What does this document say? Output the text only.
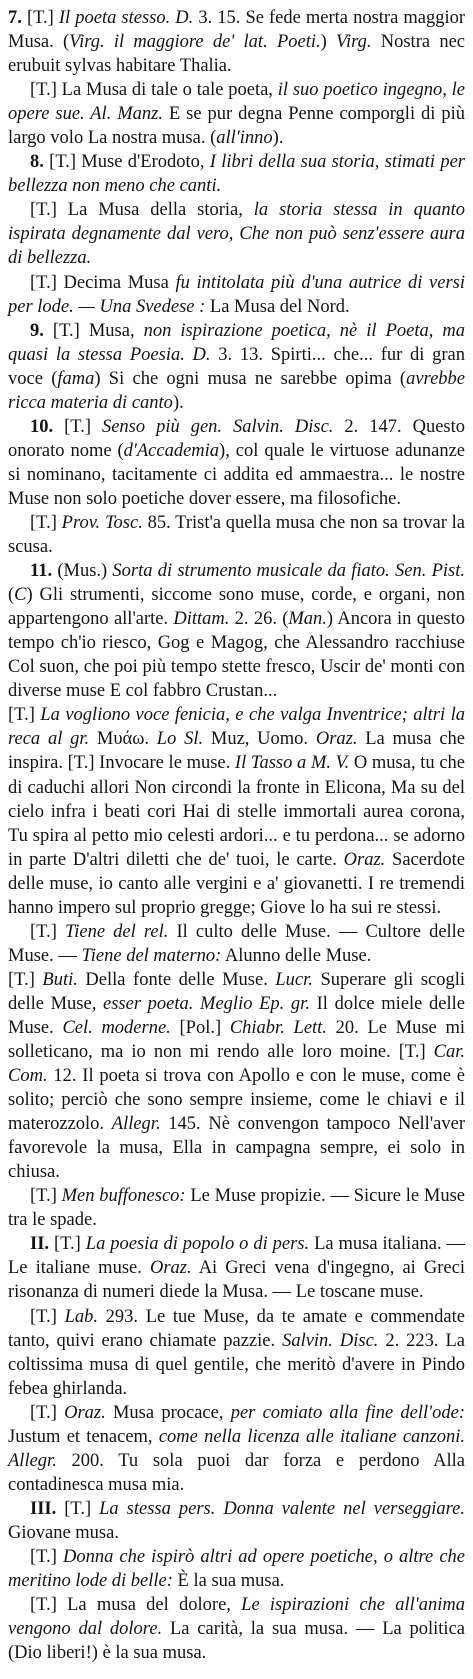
7. [T.] Il poeta stesso. D. 3. 15. Se fede merta nostra maggior Musa. (Virg. il maggiore de' lat. Poeti.) Virg. Nostra nec erubuit sylvas habitare Thalia.

[T.] La Musa di tale o tale poeta, il suo poetico ingegno, le opere sue. Al. Manz. E se pur degna Penne comporgli di più largo volo La nostra musa. (all'inno).

8. [T.] Muse d'Erodoto, I libri della sua storia, stimati per bellezza non meno che canti.

[T.] La Musa della storia, la storia stessa in quanto ispirata degnamente dal vero, Che non può senz'essere aura di bellezza.

[T.] Decima Musa fu intitolata più d'una autrice di versi per lode. — Una Svedese : La Musa del Nord.

9. [T.] Musa, non ispirazione poetica, nè il Poeta, ma quasi la stessa Poesia. D. 3. 13. Spirti... che... fur di gran voce (fama) Si che ogni musa ne sarebbe opima (avrebbe ricca materia di canto).

10. [T.] Senso più gen. Salvin. Disc. 2. 147. Questo onorato nome (d'Accademia), col quale le virtuose adunanze si nominano, tacitamente ci addita ed ammaestra... le nostre Muse non solo poetiche dover essere, ma filosofiche.

[T.] Prov. Tosc. 85. Trist'a quella musa che non sa trovar la scusa.

11. (Mus.) Sorta di strumento musicale da fiato. Sen. Pist. (C) Gli strumenti, siccome sono muse, corde, e organi, non appartengono all'arte. Dittam. 2. 26. (Man.) Ancora in questo tempo ch'io riesco, Gog e Magog, che Alessandro racchiuse Col suon, che poi più tempo stette fresco, Uscir de' monti con diverse muse E col fabbro Crustan...

[T.] La vogliono voce fenicia, e che valga Inventrice; altri la reca al gr. Μυάω. Lo Sl. Muz, Uomo. Oraz. La musa che inspira. [T.] Invocare le muse. Il Tasso a M. V. O musa, tu che di caduchi allori Non circondi la fronte in Elicona, Ma su del cielo infra i beati cori Hai di stelle immortali aurea corona, Tu spira al petto mio celesti ardori... e tu perdona... se adorno in parte D'altri diletti che de' tuoi, le carte. Oraz. Sacerdote delle muse, io canto alle vergini e a' giovanetti. I re tremendi hanno impero sul proprio gregge; Giove lo ha sui re stessi.

[T.] Tiene del rel. Il culto delle Muse. — Cultore delle Muse. — Tiene del materno: Alunno delle Muse.

[T.] Buti. Della fonte delle Muse. Lucr. Superare gli scogli delle Muse, esser poeta. Meglio Ep. gr. Il dolce miele delle Muse. Cel. moderne. [Pol.] Chiabr. Lett. 20. Le Muse mi solleticano, ma io non mi rendo alle loro moine. [T.] Car. Com. 12. Il poeta si trova con Apollo e con le muse, come è solito; perciò che sono sempre insieme, come le chiavi e il materozzolo. Allegr. 145. Nè convengon tampoco Nell'aver favorevole la musa, Ella in campagna sempre, ei solo in chiusa.

[T.] Men buffonesco: Le Muse propizie. — Sicure le Muse tra le spade.

II. [T.] La poesia di popolo o di pers. La musa italiana. — Le italiane muse. Oraz. Ai Greci vena d'ingegno, ai Greci risonanza di numeri diede la Musa. — Le toscane muse.

[T.] Lab. 293. Le tue Muse, da te amate e commendate tanto, quivi erano chiamate pazzie. Salvin. Disc. 2. 223. La coltissima musa di quel gentile, che meritò d'avere in Pindo febea ghirlanda.

[T.] Oraz. Musa procace, per comiato alla fine dell'ode: Justum et tenacem, come nella licenza alle italiane canzoni. Allegr. 200. Tu sola puoi dar forza e perdono Alla contadinesca musa mia.

III. [T.] La stessa pers. Donna valente nel verseggiare. Giovane musa.

[T.] Donna che ispirò altri ad opere poetiche, o altre che meritino lode di belle: È la sua musa.

[T.] La musa del dolore, Le ispirazioni che all'anima vengono dal dolore. La carità, la sua musa. — La politica (Dio liberi!) è la sua musa.
